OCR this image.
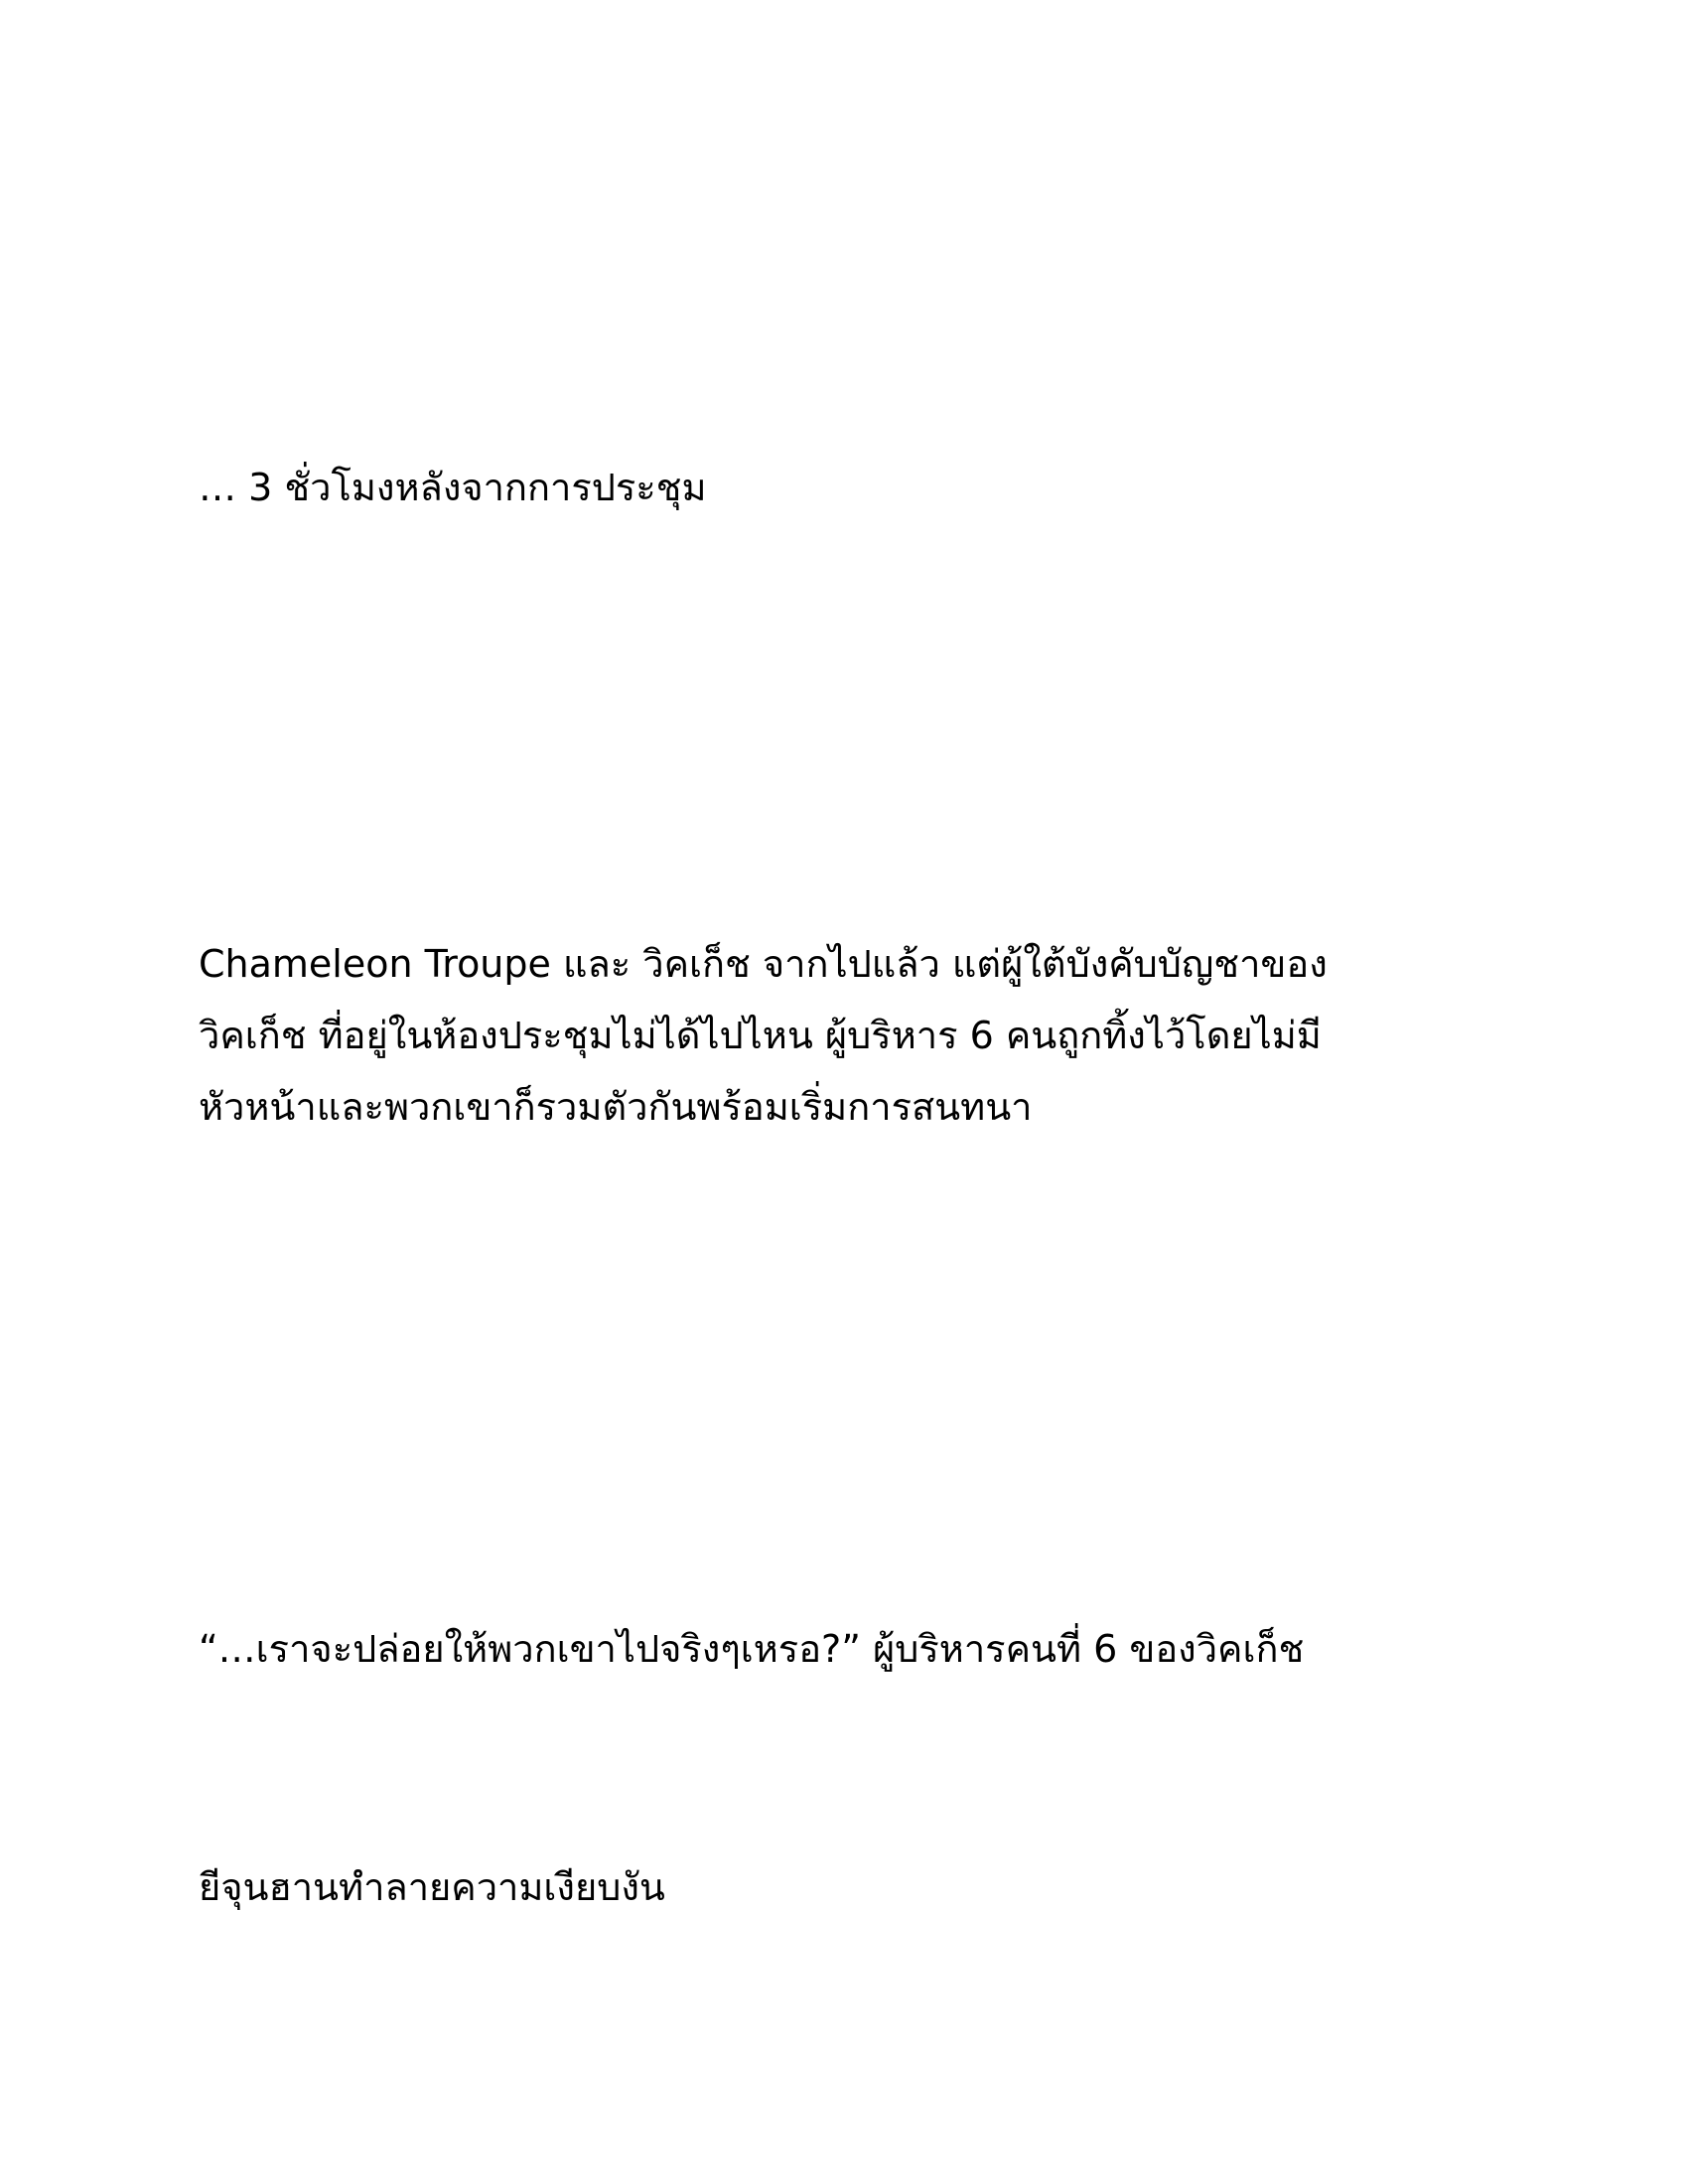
… 3 ชั่วโมงหลังจากการประชุม

Chameleon Troupe และ วิคเก็ช จากไปแล้ว แต่ผู้ใต้บังคับบัญชาของ
วิคเก็ช ที่อยู่ในห้องประชุมไม่ได้ไปไหน ผู้บริหาร 6 คนถูกทิ้งไว้โดยไม่มี
หัวหน้าและพวกเขาก็รวมตัวกันพร้อมเริ่มการสนทนา

“…เราจะปล่อยให้พวกเขาไปจริงๆเหรอ?” ผู้บริหารคนที่ 6 ของวิคเก็ช

ยีจุนฮานทำลายความเงียบงัน
